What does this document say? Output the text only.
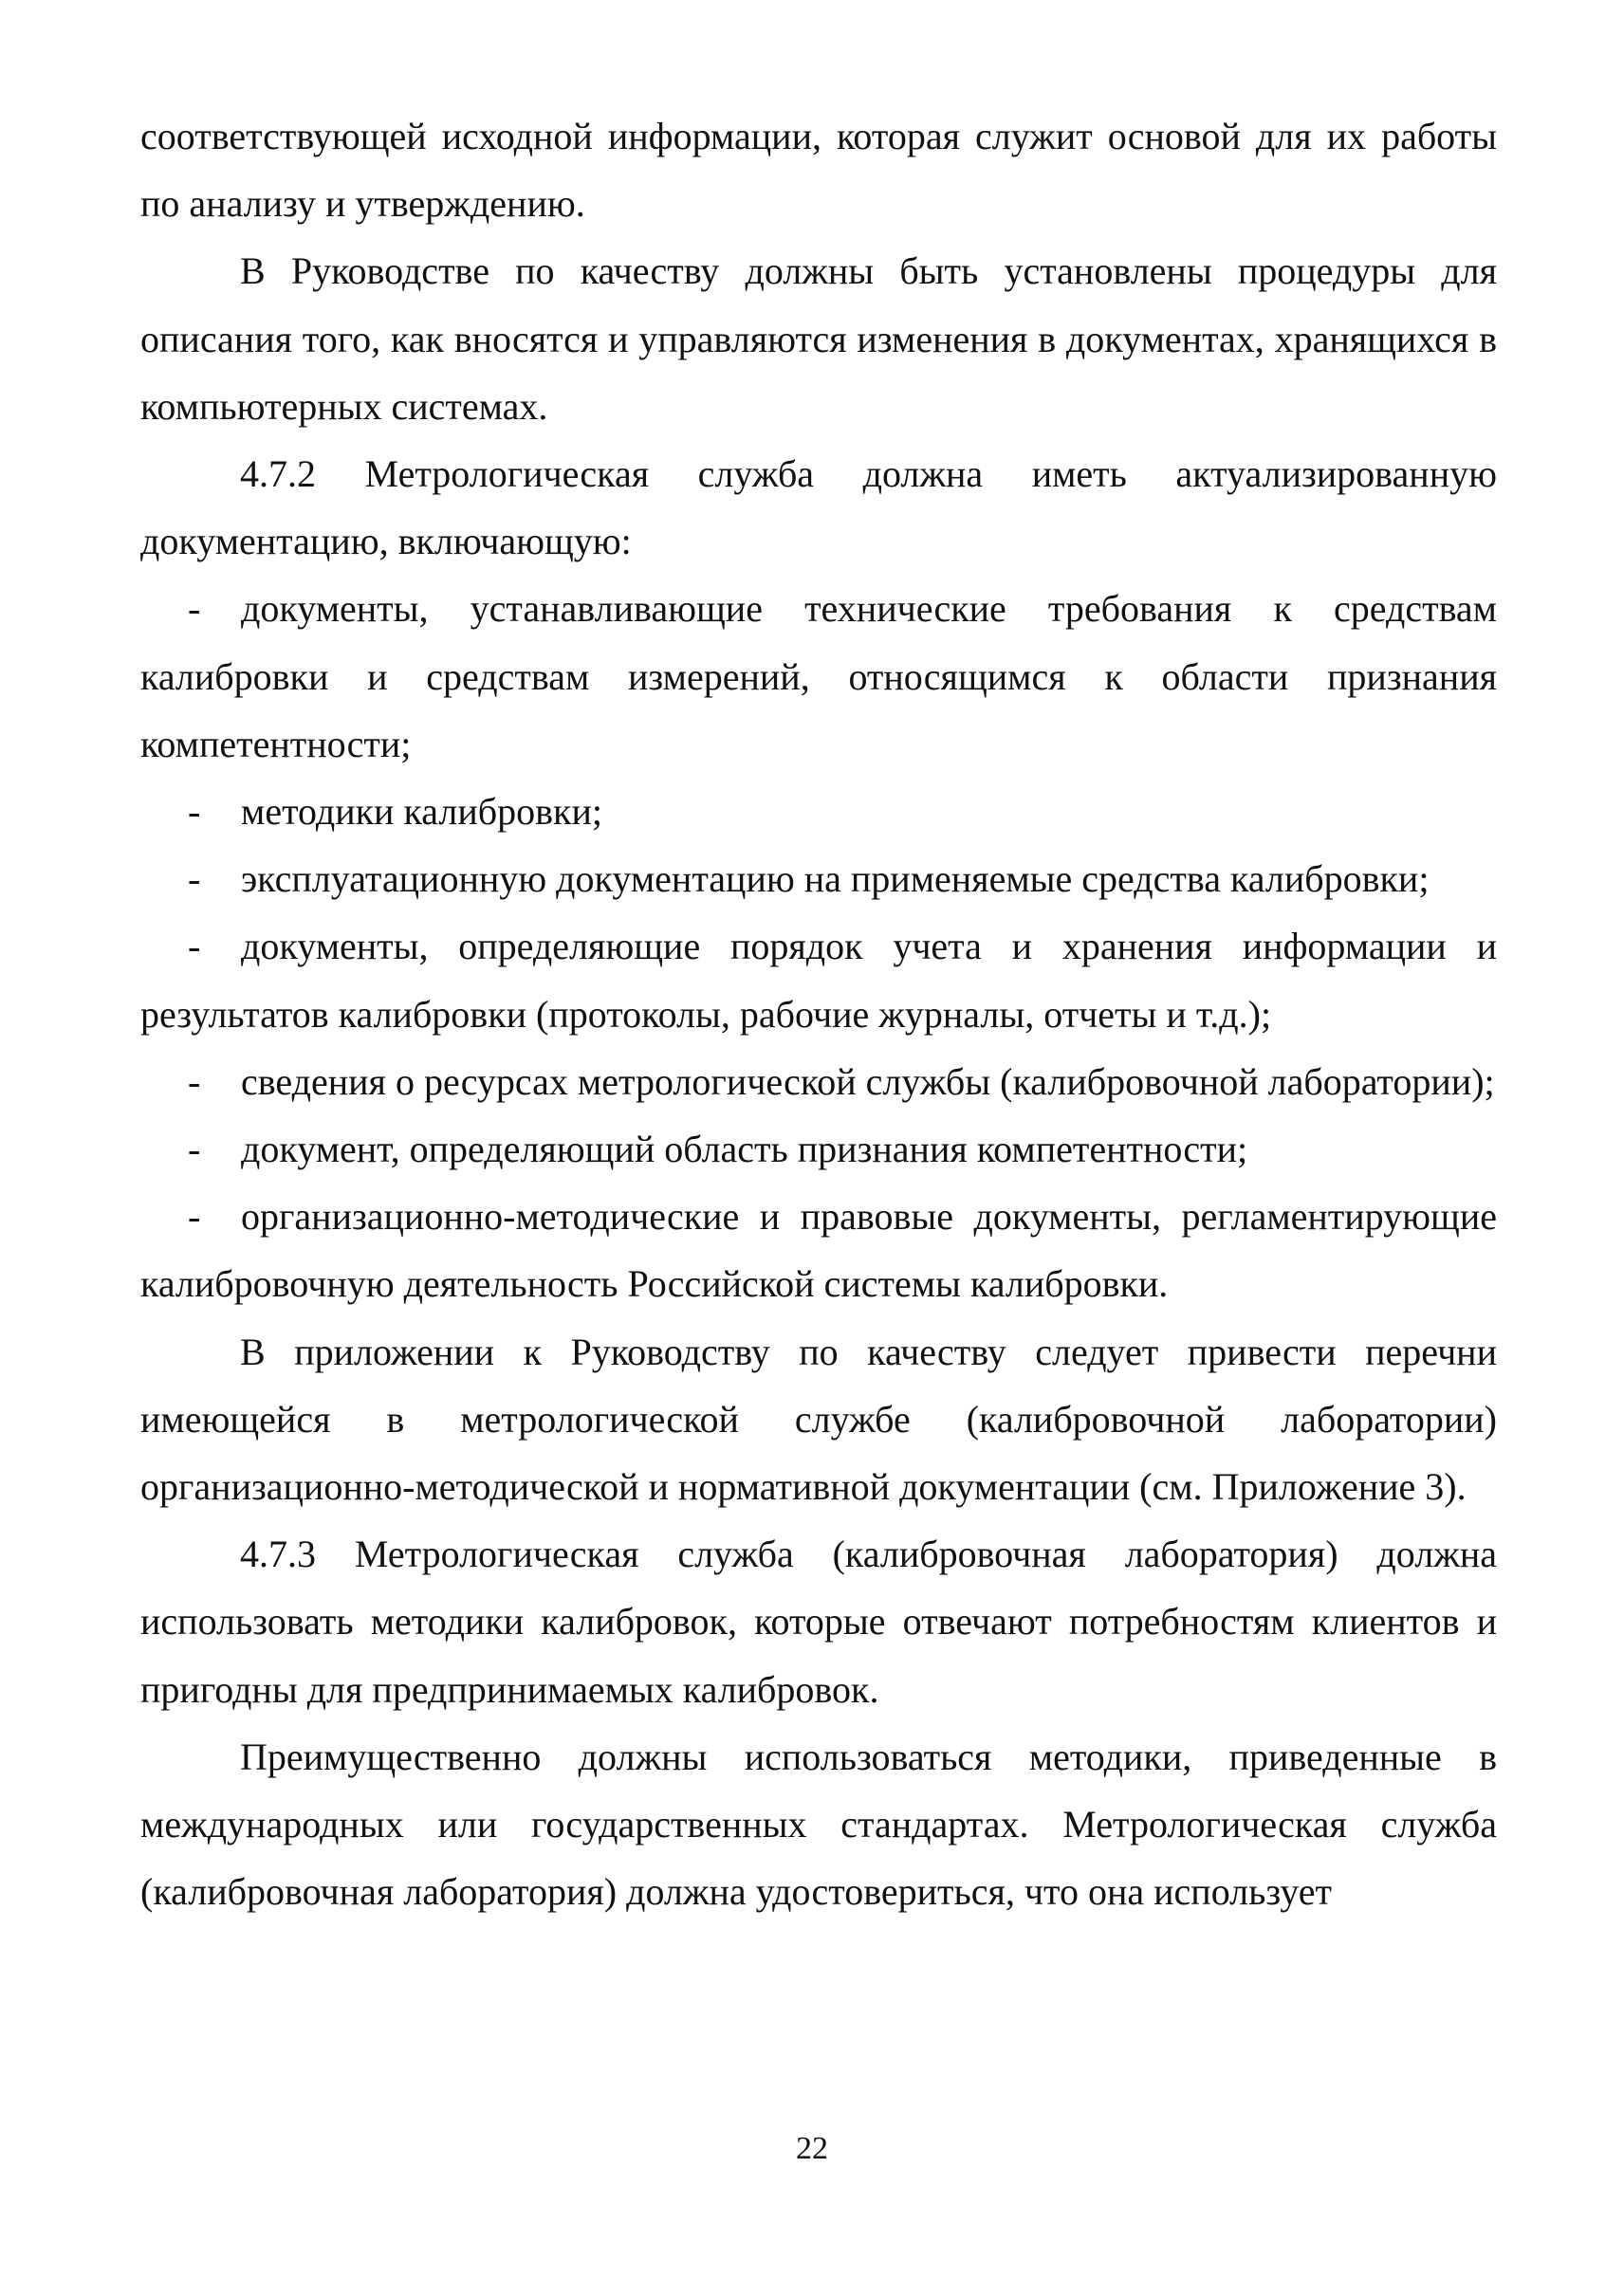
соответствующей исходной информации, которая служит основой для их работы по анализу и утверждению.

В Руководстве по качеству должны быть установлены процедуры для описания того, как вносятся и управляются изменения в документах, хранящихся в компьютерных системах.

4.7.2 Метрологическая служба должна иметь актуализированную документацию, включающую:

- документы, устанавливающие технические требования к средствам калибровки и средствам измерений, относящимся к области признания компетентности;

- методики калибровки;

- эксплуатационную документацию на применяемые средства калибровки;

- документы, определяющие порядок учета и хранения информации и результатов калибровки (протоколы, рабочие журналы, отчеты и т.д.);

- сведения о ресурсах метрологической службы (калибровочной лаборатории);

- документ, определяющий область признания компетентности;

- организационно-методические и правовые документы, регламентирующие калибровочную деятельность Российской системы калибровки.

В приложении к Руководству по качеству следует привести перечни имеющейся в метрологической службе (калибровочной лаборатории) организационно-методической и нормативной документации (см. Приложение 3).

4.7.3 Метрологическая служба (калибровочная лаборатория) должна использовать методики калибровок, которые отвечают потребностям клиентов и пригодны для предпринимаемых калибровок.

Преимущественно должны использоваться методики, приведенные в международных или государственных стандартах. Метрологическая служба (калибровочная лаборатория) должна удостовериться, что она использует

22
